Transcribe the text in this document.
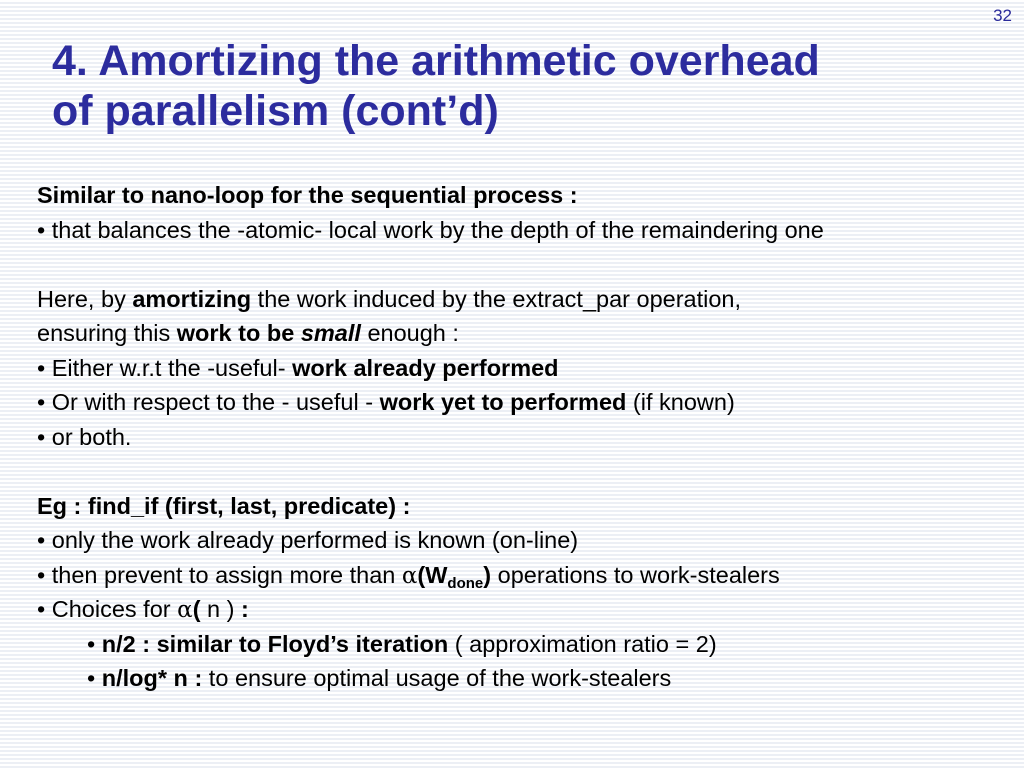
32
4. Amortizing the arithmetic overhead
of parallelism (cont’d)
Similar to nano-loop for the sequential process :
• that balances the -atomic- local work by the depth of the remaindering one
Here, by amortizing the work induced by the extract_par operation,
ensuring this work to be small enough :
• Either w.r.t the -useful- work already performed
• Or with respect to the - useful - work yet to performed (if known)
• or both.
Eg : find_if (first, last, predicate) :
• only the work already performed is known (on-line)
• then prevent to assign more than $\alpha(W_{done})$ operations to work-stealers
• Choices for α( n ) :
• n/2 : similar to Floyd’s iteration ( approximation ratio = 2)
• n/log* n : to ensure optimal usage of the work-stealers
